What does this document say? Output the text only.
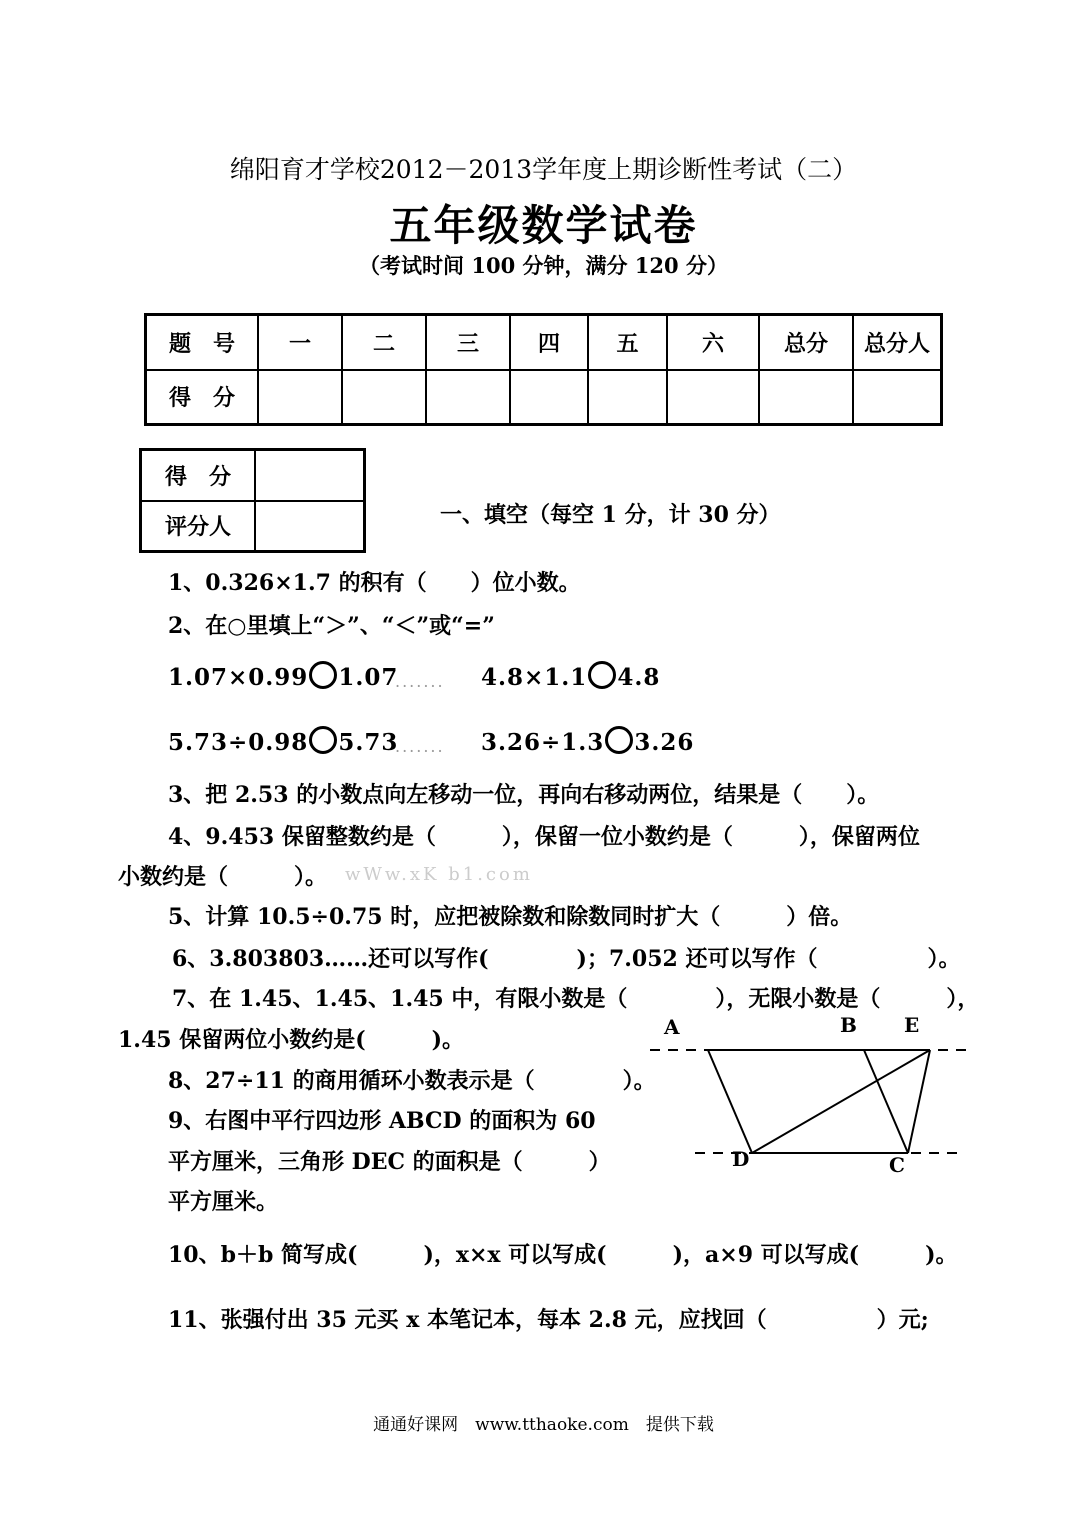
绵阳育才学校2012－2013学年度上期诊断性考试（二）
五年级数学试卷
（考试时间 100 分钟，满分 120 分）
题　号	一	二	三	四	五	六	总分	总分人
得　分								
得　分	
评分人		一、填空（每空 1 分，计 30 分）
1、0.326×1.7 的积有（　　）位小数。
2、在○里填上“＞”、“＜”或“=”
1.07×0.99 1.07
....... 4.8×1.1 4.8
5.73÷0.98 5.73
....... 3.26÷1.3 3.26
3、把 2.53 的小数点向左移动一位，再向右移动两位，结果是（　　）。
4、9.453 保留整数约是（　　　），保留一位小数约是（　　　），保留两位
小数约是（　　　）。 wWw.xK b1.com
5、计算 10.5÷0.75 时，应把被除数和除数同时扩大（　　　）倍。
6、3.803803……还可以写作(　　　　)；7.052 还可以写作（　　　　　）。
7、在 1.45、1.45、1.45 中，有限小数是（　　　　），无限小数是（　　　），
1.45 保留两位小数约是(　　　)。
8、27÷11 的商用循环小数表示是（　　　　）。
9、右图中平行四边形 ABCD 的面积为 60
平方厘米，三角形 DEC 的面积是（　　　）
平方厘米。
A	B E
D	C
10、b＋b 简写成(　　　)，x×x 可以写成(　　　)，a×9 可以写成(　　　)。
11、张强付出 35 元买 x 本笔记本，每本 2.8 元，应找回（　　　　　）元;
通通好课网　www.tthaoke.com　提供下载
